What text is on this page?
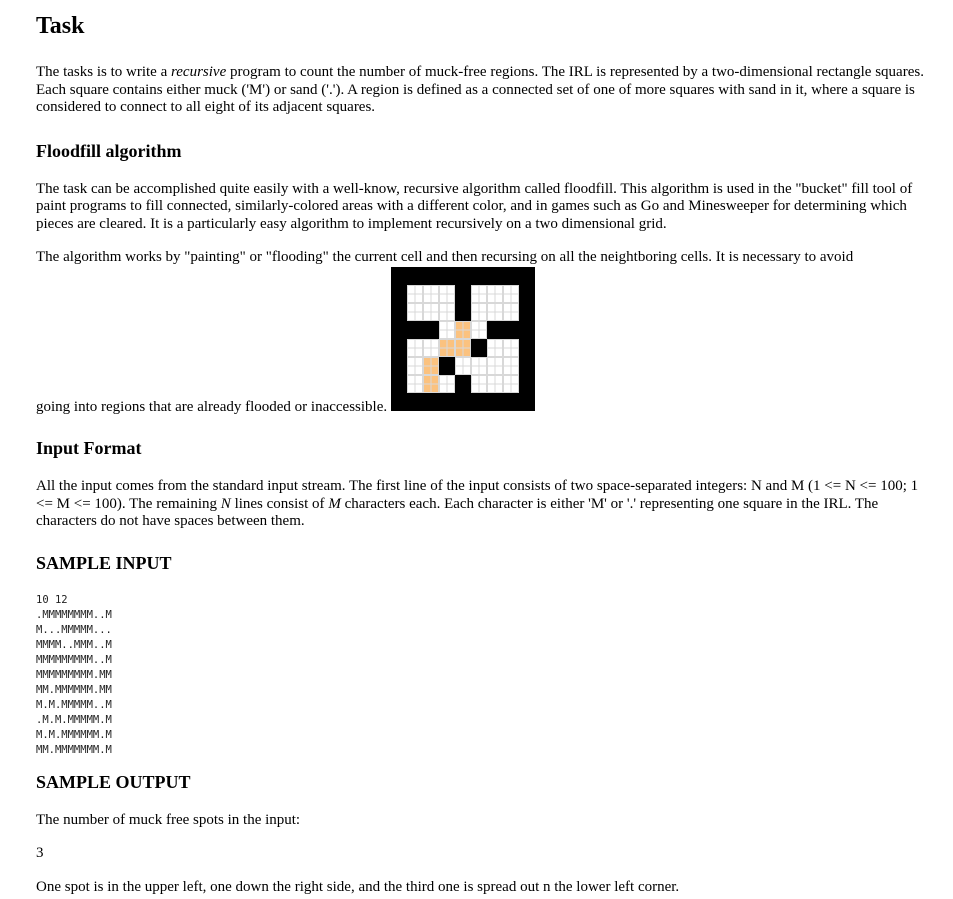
Task

The tasks is to write a recursive program to count the number of muck-free regions. The IRL is represented by a two-dimensional rectangle squares. Each square contains either muck ('M') or sand ('.'). A region is defined as a connected set of one of more squares with sand in it, where a square is considered to connect to all eight of its adjacent squares.

Floodfill algorithm

The task can be accomplished quite easily with a well-know, recursive algorithm called floodfill. This algorithm is used in the "bucket" fill tool of paint programs to fill connected, similarly-colored areas with a different color, and in games such as Go and Minesweeper for determining which pieces are cleared. It is a particularly easy algorithm to implement recursively on a two dimensional grid.

The algorithm works by "painting" or "flooding" the current cell and then recursing on all the neightboring cells. It is necessary to avoid

going into regions that are already flooded or inaccessible.
Input Format

All the input comes from the standard input stream. The first line of the input consists of two space-separated integers: N and M (1 <= N <= 100; 1 <= M <= 100). The remaining N lines consist of M characters each. Each character is either 'M' or '.' representing one square in the IRL. The characters do not have spaces between them.

SAMPLE INPUT
10 12
.MMMMMMMM..M
M...MMMMM...
MMMM..MMM..M
MMMMMMMMM..M
MMMMMMMMM.MM
MM.MMMMMM.MM
M.M.MMMMM..M
.M.M.MMMMM.M
M.M.MMMMMM.M
MM.MMMMMMM.M
SAMPLE OUTPUT

The number of muck free spots in the input:

3

One spot is in the upper left, one down the right side, and the third one is spread out n the lower left corner.
